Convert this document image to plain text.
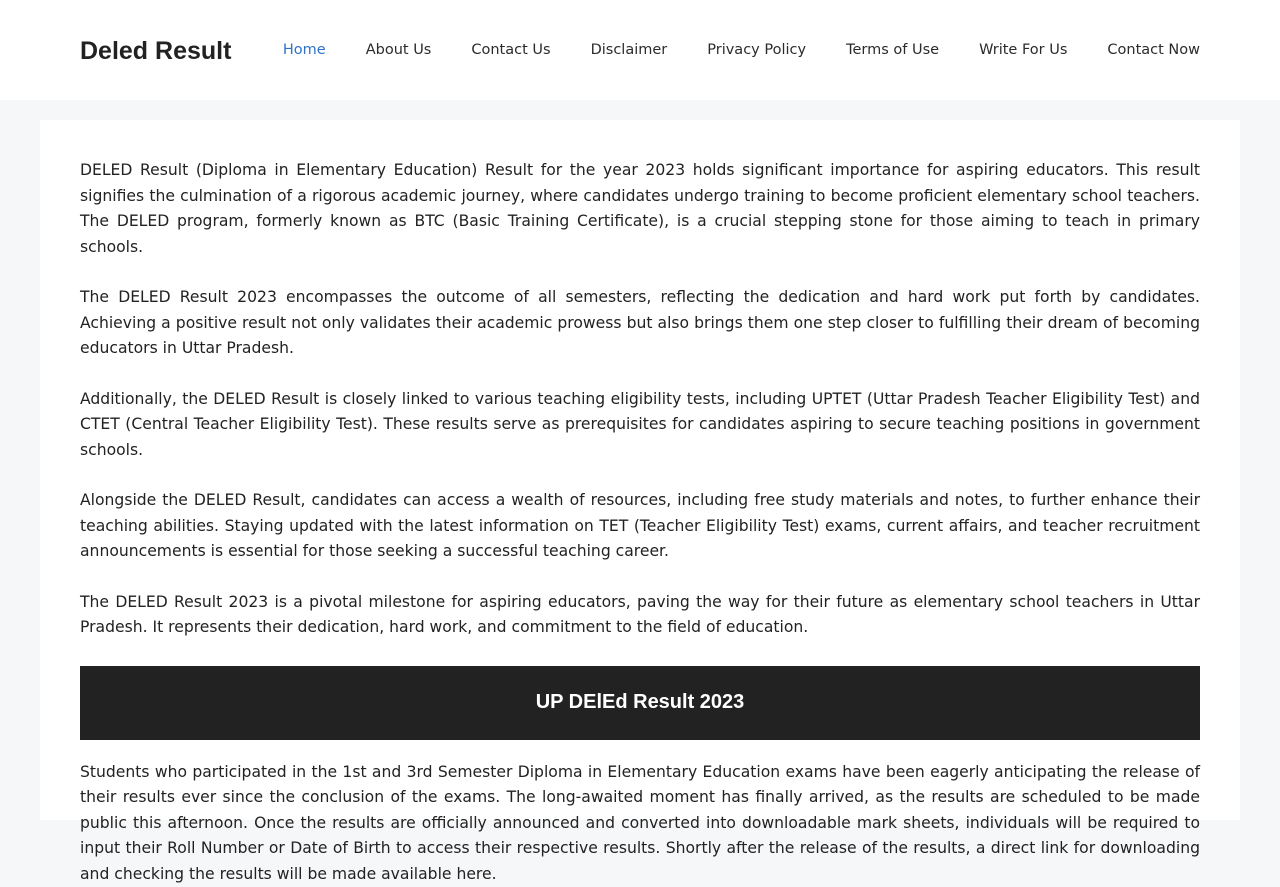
Deled Result	Home	About Us	Contact Us	Disclaimer	Privacy Policy	Terms of Use	Write For Us	Contact Now

DELED Result (Diploma in Elementary Education) Result for the year 2023 holds significant importance for aspiring educators. This result signifies the culmination of a rigorous academic journey, where candidates undergo training to become proficient elementary school teachers. The DELED program, formerly known as BTC (Basic Training Certificate), is a crucial stepping stone for those aiming to teach in primary schools.

The DELED Result 2023 encompasses the outcome of all semesters, reflecting the dedication and hard work put forth by candidates. Achieving a positive result not only validates their academic prowess but also brings them one step closer to fulfilling their dream of becoming educators in Uttar Pradesh.

Additionally, the DELED Result is closely linked to various teaching eligibility tests, including UPTET (Uttar Pradesh Teacher Eligibility Test) and CTET (Central Teacher Eligibility Test). These results serve as prerequisites for candidates aspiring to secure teaching positions in government schools.

Alongside the DELED Result, candidates can access a wealth of resources, including free study materials and notes, to further enhance their teaching abilities. Staying updated with the latest information on TET (Teacher Eligibility Test) exams, current affairs, and teacher recruitment announcements is essential for those seeking a successful teaching career.

The DELED Result 2023 is a pivotal milestone for aspiring educators, paving the way for their future as elementary school teachers in Uttar Pradesh. It represents their dedication, hard work, and commitment to the field of education.

UP DElEd Result 2023

Students who participated in the 1st and 3rd Semester Diploma in Elementary Education exams have been eagerly anticipating the release of their results ever since the conclusion of the exams. The long-awaited moment has finally arrived, as the results are scheduled to be made public this afternoon. Once the results are officially announced and converted into downloadable mark sheets, individuals will be required to input their Roll Number or Date of Birth to access their respective results. Shortly after the release of the results, a direct link for downloading and checking the results will be made available here.
